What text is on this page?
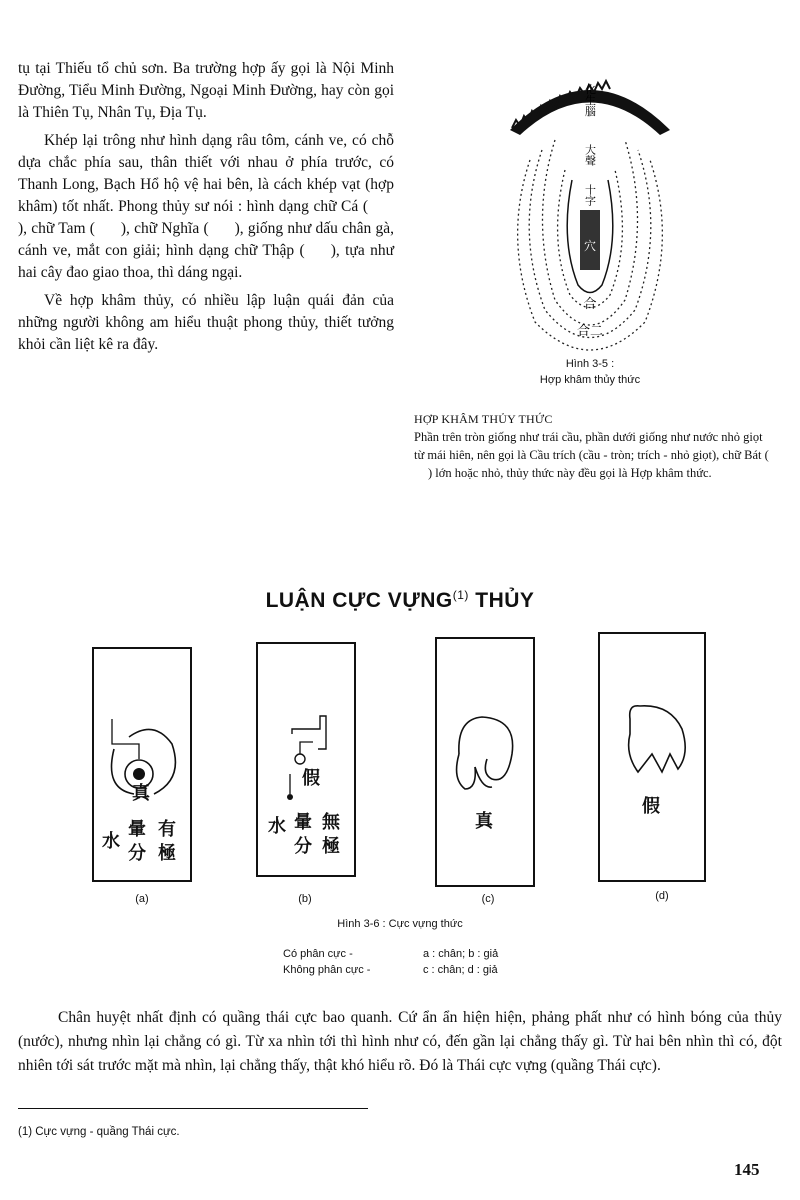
tụ tại Thiếu tổ chủ sơn. Ba trường hợp ấy gọi là Nội Minh Đường, Tiểu Minh Đường, Ngoại Minh Đường, hay còn gọi là Thiên Tụ, Nhân Tụ, Địa Tụ.

Khép lại trông như hình dạng râu tôm, cánh ve, có chỗ dựa chắc phía sau, thân thiết với nhau ở phía trước, có Thanh Long, Bạch Hổ hộ vệ hai bên, là cách khép vạt (hợp khâm) tốt nhất. Phong thủy sư nói : hình dạng chữ Cá (), chữ Tam ( ), chữ Nghĩa ( ), giống như dấu chân gà, cánh ve, mắt con giải; hình dạng chữ Thập ( ), tựa như hai cây đao giao thoa, thì dáng ngại.

Về hợp khâm thủy, có nhiều lập luận quái đản của những người không am hiểu thuật phong thủy, thiết tưởng khỏi cần liệt kê ra đây.

化生腦
大聲
十字
穴
合
合二
Hình 3-5 :
Hợp khâm thủy thức
HỢP KHÂM THỦY THỨC
Phần trên tròn giống như trái cầu, phần dưới giống như nước nhỏ giọt từ mái hiên, nên gọi là Cầu trích (cầu - tròn; trích - nhỏ giọt), chữ Bát () lớn hoặc nhỏ, thủy thức này đều gọi là Hợp khâm thức.
LUẬN CỰC VỰNG$^{(1)}$ THỦY
真
水
暈
分
有
極
(a)
假
水 暈
分
無
極
(b)
真
(c)
假
(d)
Hình 3-6 : Cực vựng thức
Có phân cực -	a : chân; b : giả
Không phân cực -	c : chân; d : giả
Chân huyệt nhất định có quầng thái cực bao quanh. Cứ ẩn ẩn hiện hiện, phảng phất như có hình bóng của thủy (nước), nhưng nhìn lại chẳng có gì. Từ xa nhìn tới thì hình như có, đến gần lại chẳng thấy gì. Từ hai bên nhìn thì có, đột nhiên tới sát trước mặt mà nhìn, lại chẳng thấy, thật khó hiểu rõ. Đó là Thái cực vựng (quầng Thái cực).
(1) Cực vựng - quầng Thái cực.
145
